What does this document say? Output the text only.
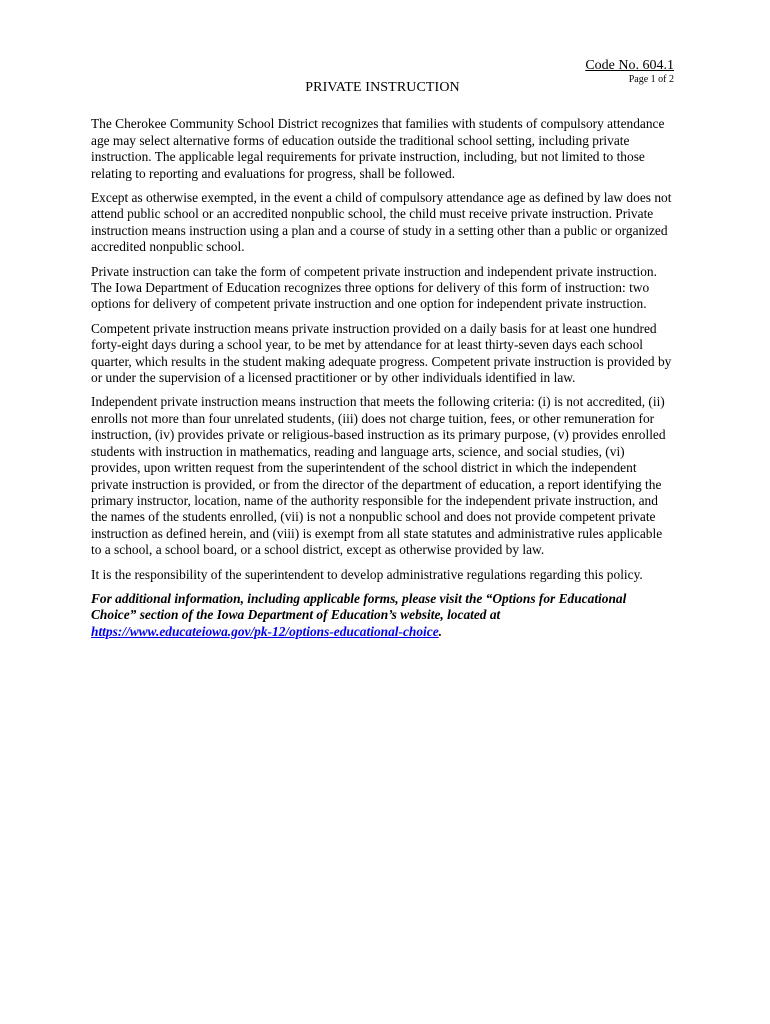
Code No. 604.1
Page 1 of 2
PRIVATE INSTRUCTION

The Cherokee Community School District recognizes that families with students of compulsory attendance age may select alternative forms of education outside the traditional school setting, including private instruction. The applicable legal requirements for private instruction, including, but not limited to those relating to reporting and evaluations for progress, shall be followed.

Except as otherwise exempted, in the event a child of compulsory attendance age as defined by law does not attend public school or an accredited nonpublic school, the child must receive private instruction. Private instruction means instruction using a plan and a course of study in a setting other than a public or organized accredited nonpublic school.

Private instruction can take the form of competent private instruction and independent private instruction. The Iowa Department of Education recognizes three options for delivery of this form of instruction: two options for delivery of competent private instruction and one option for independent private instruction.

Competent private instruction means private instruction provided on a daily basis for at least one hundred forty-eight days during a school year, to be met by attendance for at least thirty-seven days each school quarter, which results in the student making adequate progress. Competent private instruction is provided by or under the supervision of a licensed practitioner or by other individuals identified in law.

Independent private instruction means instruction that meets the following criteria: (i) is not accredited, (ii) enrolls not more than four unrelated students, (iii) does not charge tuition, fees, or other remuneration for instruction, (iv) provides private or religious-based instruction as its primary purpose, (v) provides enrolled students with instruction in mathematics, reading and language arts, science, and social studies, (vi) provides, upon written request from the superintendent of the school district in which the independent private instruction is provided, or from the director of the department of education, a report identifying the primary instructor, location, name of the authority responsible for the independent private instruction, and the names of the students enrolled, (vii) is not a nonpublic school and does not provide competent private instruction as defined herein, and (viii) is exempt from all state statutes and administrative rules applicable to a school, a school board, or a school district, except as otherwise provided by law.

It is the responsibility of the superintendent to develop administrative regulations regarding this policy.

For additional information, including applicable forms, please visit the “Options for Educational Choice” section of the Iowa Department of Education’s website, located at https://www.educateiowa.gov/pk-12/options-educational-choice.
